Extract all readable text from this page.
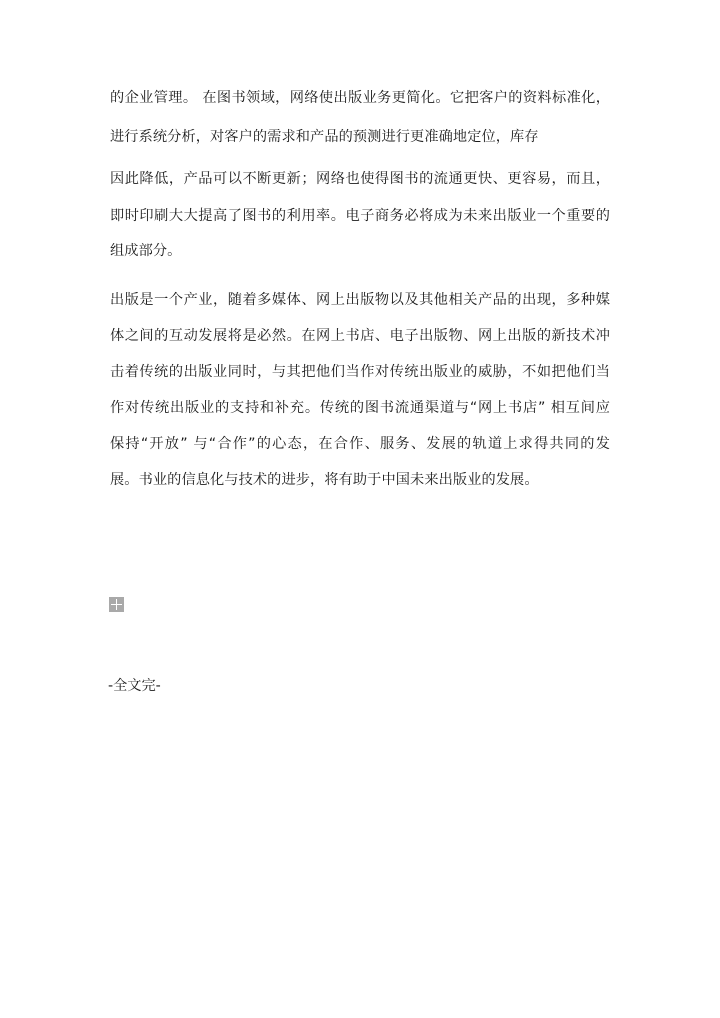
的企业管理。 在图书领域，网络使出版业务更简化。它把客户的资料标准化，
进行系统分析，对客户的需求和产品的预测进行更准确地定位，库存
因此降低，产品可以不断更新；网络也使得图书的流通更快、更容易，而且，
即时印刷大大提高了图书的利用率。电子商务必将成为未来出版业一个重要的
组成部分。
出版是一个产业，随着多媒体、网上出版物以及其他相关产品的出现，多种媒
体之间的互动发展将是必然。在网上书店、电子出版物、网上出版的新技术冲
击着传统的出版业同时，与其把他们当作对传统出版业的威胁，不如把他们当
作对传统出版业的支持和补充。传统的图书流通渠道与“网上书店” 相互间应
保持“开放” 与“合作”的心态，在合作、服务、发展的轨道上求得共同的发
展。书业的信息化与技术的进步，将有助于中国未来出版业的发展。
-全文完-
